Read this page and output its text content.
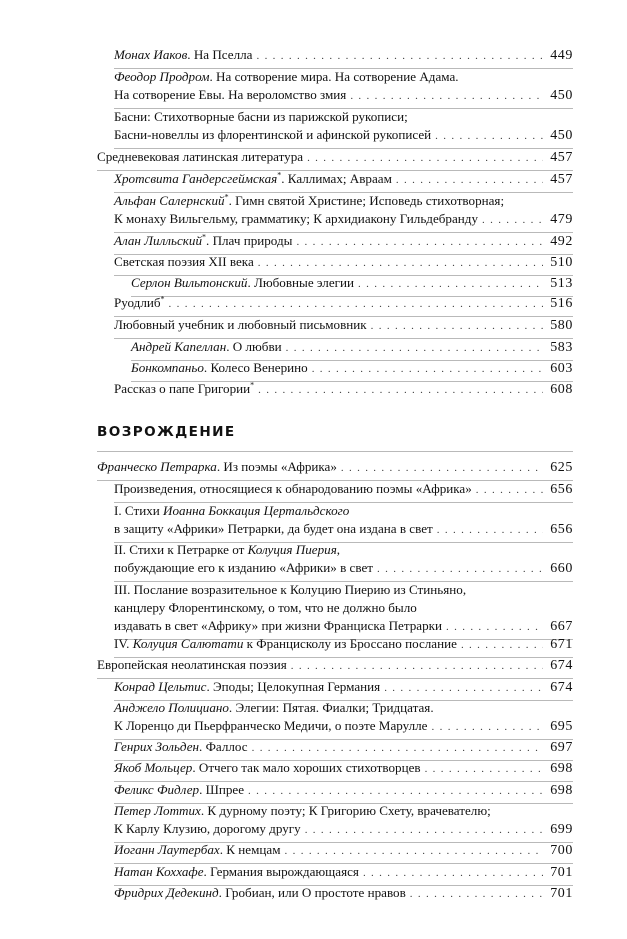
ВОЗРОЖДЕНИЕ
Монах Иаков. На Пселла . . .	449
Феодор Продром. На сотворение мира. На сотворение Адама.
На сотворение Евы. На вероломство змия . . .	450
Басни: Стихотворные басни из парижской рукописи;
Басни-новеллы из флорентинской и афинской рукописей . . .	450
Средневековая латинская литература . . .	457
Хротсвита Гандерсгеймская*. Каллимах; Авраам . . .	457
Альфан Салернский*. Гимн святой Христине; Исповедь стихотворная;
К монаху Вильгельму, грамматику; К архидиакону Гильдебранду . . .	479
Алан Лилльский*. Плач природы . . .	492
Светская поэзия XII века . . .	510
Серлон Вильтонский. Любовные элегии . . .	513
Руодлиб* . . .	516
Любовный учебник и любовный письмовник . . .	580
Андрей Капеллан. О любви . . .	583
Бонкомпаньо. Колесо Венерино . . .	603
Рассказ о папе Григории* . . .	608
Франческо Петрарка. Из поэмы «Африка» . . .	625
Произведения, относящиеся к обнародованию поэмы «Африка» . . .	656
I. Стихи Иоанна Боккация Цертальдского
в защиту «Африки» Петрарки, да будет она издана в свет . . .	656
II. Стихи к Петрарке от Колуция Пиерия,
побуждающие его к изданию «Африки» в свет . . .	660
III. Послание возразительное к Колуцию Пиерию из Стиньяно,
канцлеру Флорентинскому, о том, что не должно было
издавать в свет «Африку» при жизни Франциска Петрарки . . .	667
IV. Колуция Салютати к Францисколу из Броссано послание . . .	671
Европейская неолатинская поэзия . . .	674
Конрад Цельтис. Эподы; Целокупная Германия . . .	674
Анджело Полициано. Элегии: Пятая. Фиалки; Тридцатая.
К Лоренцо ди Пьерфранческо Медичи, о поэте Марулле . . .	695
Генрих Зольден. Фаллос . . .	697
Якоб Мольцер. Отчего так мало хороших стихотворцев . . .	698
Феликс Фидлер. Шпрее . . .	698
Петер Лоттих. К дурному поэту; К Григорию Схету, врачевателю;
К Карлу Клузию, дорогому другу . . .	699
Иоганн Лаутербах. К немцам . . .	700
Натан Коххафе. Германия вырождающаяся . . .	701
Фридрих Дедекинд. Гробиан, или О простоте нравов . . .	701
